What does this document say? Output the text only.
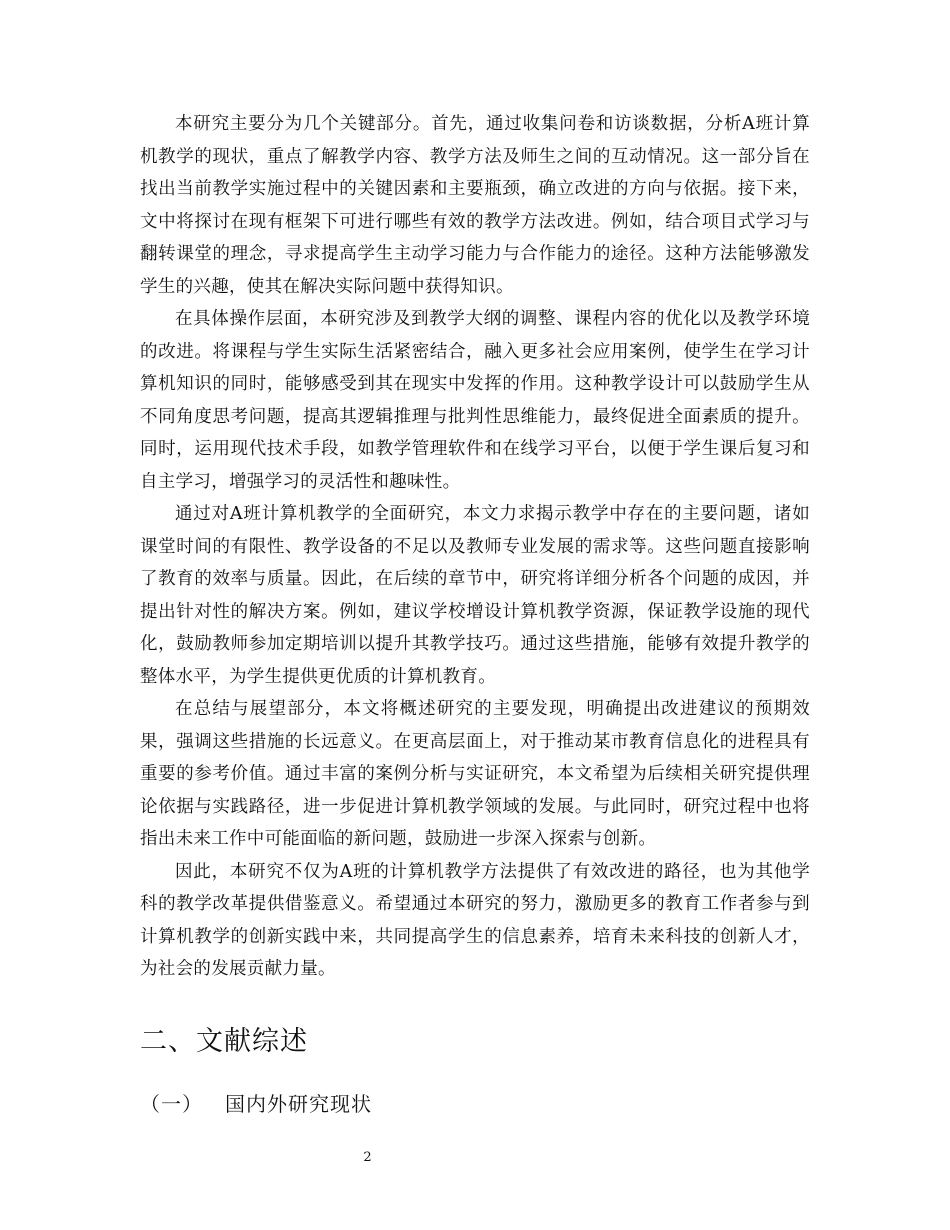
本研究主要分为几个关键部分。首先，通过收集问卷和访谈数据，分析A班计算机教学的现状，重点了解教学内容、教学方法及师生之间的互动情况。这一部分旨在找出当前教学实施过程中的关键因素和主要瓶颈，确立改进的方向与依据。接下来，文中将探讨在现有框架下可进行哪些有效的教学方法改进。例如，结合项目式学习与翻转课堂的理念，寻求提高学生主动学习能力与合作能力的途径。这种方法能够激发学生的兴趣，使其在解决实际问题中获得知识。

在具体操作层面，本研究涉及到教学大纲的调整、课程内容的优化以及教学环境的改进。将课程与学生实际生活紧密结合，融入更多社会应用案例，使学生在学习计算机知识的同时，能够感受到其在现实中发挥的作用。这种教学设计可以鼓励学生从不同角度思考问题，提高其逻辑推理与批判性思维能力，最终促进全面素质的提升。同时，运用现代技术手段，如教学管理软件和在线学习平台，以便于学生课后复习和自主学习，增强学习的灵活性和趣味性。

通过对A班计算机教学的全面研究，本文力求揭示教学中存在的主要问题，诸如课堂时间的有限性、教学设备的不足以及教师专业发展的需求等。这些问题直接影响了教育的效率与质量。因此，在后续的章节中，研究将详细分析各个问题的成因，并提出针对性的解决方案。例如，建议学校增设计算机教学资源，保证教学设施的现代化，鼓励教师参加定期培训以提升其教学技巧。通过这些措施，能够有效提升教学的整体水平，为学生提供更优质的计算机教育。

在总结与展望部分，本文将概述研究的主要发现，明确提出改进建议的预期效果，强调这些措施的长远意义。在更高层面上，对于推动某市教育信息化的进程具有重要的参考价值。通过丰富的案例分析与实证研究，本文希望为后续相关研究提供理论依据与实践路径，进一步促进计算机教学领域的发展。与此同时，研究过程中也将指出未来工作中可能面临的新问题，鼓励进一步深入探索与创新。

因此，本研究不仅为A班的计算机教学方法提供了有效改进的路径，也为其他学科的教学改革提供借鉴意义。希望通过本研究的努力，激励更多的教育工作者参与到计算机教学的创新实践中来，共同提高学生的信息素养，培育未来科技的创新人才，为社会的发展贡献力量。

二、文献综述
（一） 国内外研究现状
2
